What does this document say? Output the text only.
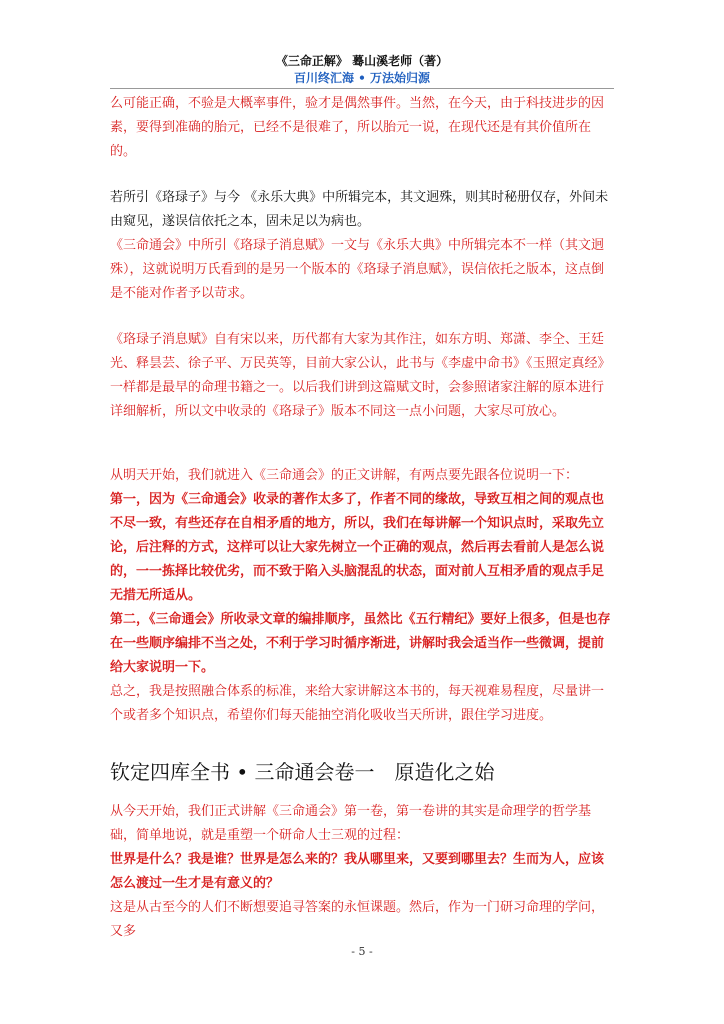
《三命正解》 蓦山溪老师（著）
百川终汇海 • 万法始归源

么可能正确，不验是大概率事件，验才是偶然事件。当然，在今天，由于科技进步的因素，要得到准确的胎元，已经不是很难了，所以胎元一说，在现代还是有其价值所在的。

若所引《珞琭子》与今 《永乐大典》中所辑完本，其文迥殊，则其时秘册仅存，外间未由窥见，遂误信依托之本，固未足以为病也。

《三命通会》中所引《珞琭子消息赋》一文与《永乐大典》中所辑完本不一样（其文迥殊），这就说明万氏看到的是另一个版本的《珞琭子消息赋》，误信依托之版本，这点倒是不能对作者予以苛求。

《珞琭子消息赋》自有宋以来，历代都有大家为其作注，如东方明、郑潇、李仝、王廷光、释昙芸、徐子平、万民英等，目前大家公认，此书与《李虚中命书》《玉照定真经》一样都是最早的命理书籍之一。以后我们讲到这篇赋文时，会参照诸家注解的原本进行详细解析，所以文中收录的《珞琭子》版本不同这一点小问题，大家尽可放心。

从明天开始，我们就进入《三命通会》的正文讲解，有两点要先跟各位说明一下：

第一，因为《三命通会》收录的著作太多了，作者不同的缘故，导致互相之间的观点也不尽一致，有些还存在自相矛盾的地方，所以，我们在每讲解一个知识点时，采取先立论，后注释的方式，这样可以让大家先树立一个正确的观点，然后再去看前人是怎么说的，一一拣择比较优劣，而不致于陷入头脑混乱的状态，面对前人互相矛盾的观点手足无措无所适从。

第二，《三命通会》所收录文章的编排顺序，虽然比《五行精纪》要好上很多，但是也存在一些顺序编排不当之处，不利于学习时循序渐进，讲解时我会适当作一些微调，提前给大家说明一下。

总之，我是按照融合体系的标准，来给大家讲解这本书的，每天视难易程度，尽量讲一个或者多个知识点，希望你们每天能抽空消化吸收当天所讲，跟住学习进度。

钦定四库全书 • 三命通会卷一　原造化之始

从今天开始，我们正式讲解《三命通会》第一卷，第一卷讲的其实是命理学的哲学基础，简单地说，就是重塑一个研命人士三观的过程：

世界是什么？我是谁？世界是怎么来的？我从哪里来，又要到哪里去？生而为人，应该怎么渡过一生才是有意义的？

这是从古至今的人们不断想要追寻答案的永恒课题。然后，作为一门研习命理的学问，又多

- 5 -
